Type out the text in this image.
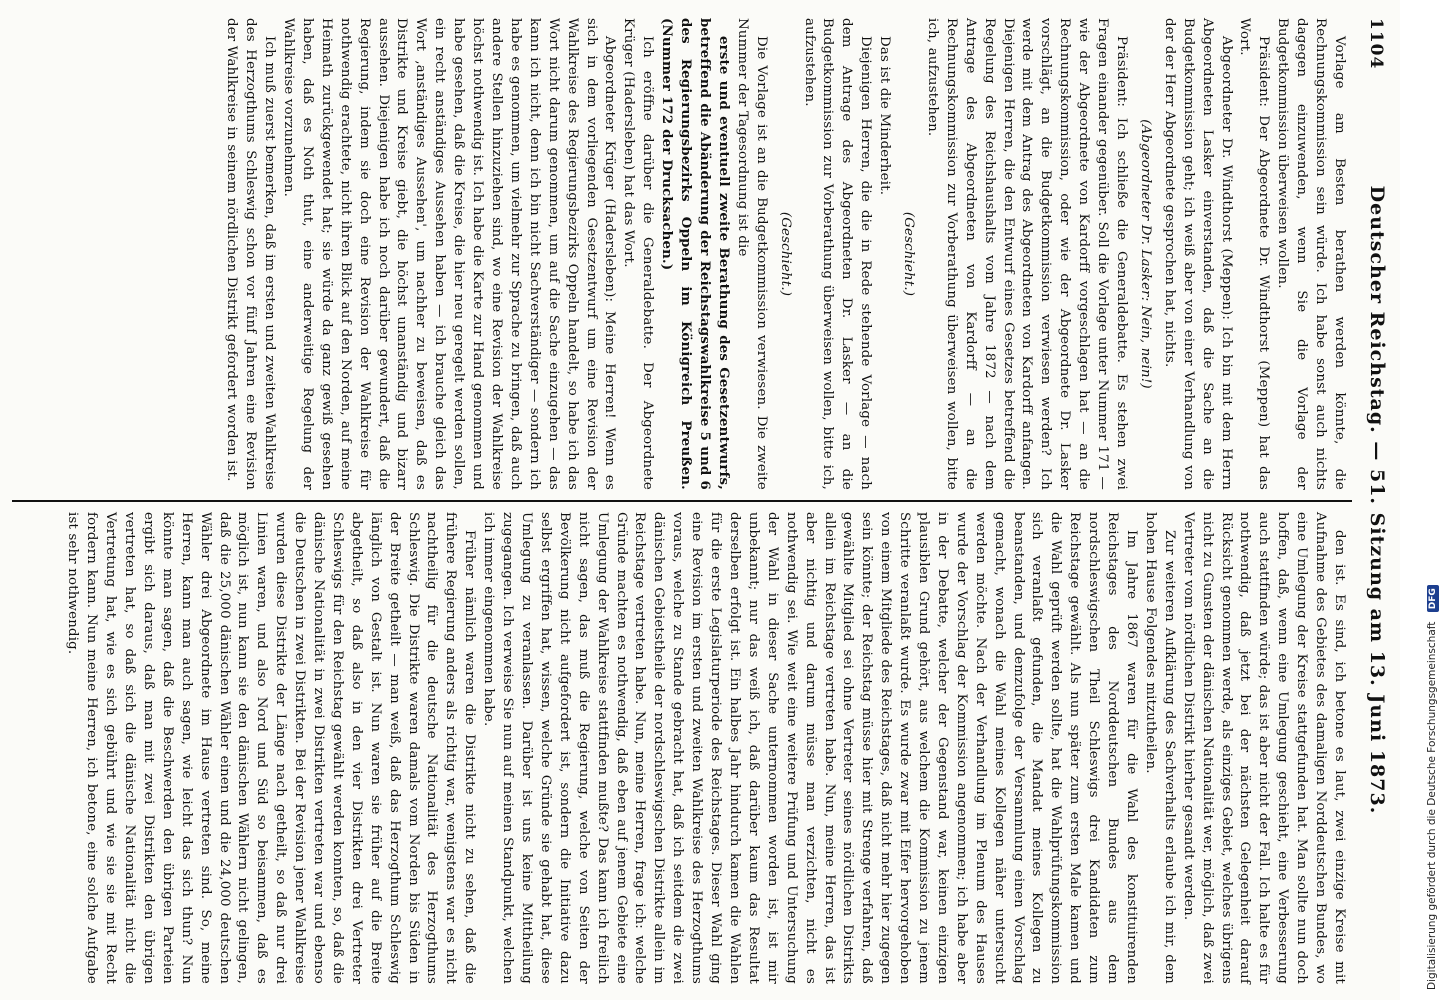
1104
Deutscher Reichstag. — 51. Sitzung am 13. Juni 1873.

Vorlage am Besten berathen werden könnte, die Rechnungskommission sein würde. Ich habe sonst auch nichts dagegen einzuwenden, wenn Sie die Vorlage der Budgetkommission überweisen wollen.

Präsident: Der Abgeordnete Dr. Windthorst (Meppen) hat das Wort.

Abgeordneter Dr. Windthorst (Meppen): Ich bin mit dem Herrn Abgeordneten Lasker einverstanden, daß die Sache an die Budgetkommission geht; ich weiß aber von einer Verhandlung von der der Herr Abgeordnete gesprochen hat, nichts.

(Abgeordneter Dr. Lasker: Nein, nein!)

Präsident: Ich schließe die Generaldebatte. Es stehen zwei Fragen einander gegenüber. Soll die Vorlage unter Nummer 171 — wie der Abgeordnete von Kardorff vorgeschlagen hat — an die Rechnungskommission, oder wie der Abgeordnete Dr. Lasker vorschlägt, an die Budgetkommission verwiesen werden? Ich werde mit dem Antrag des Abgeordneten von Kardorff anfangen. Diejenigen Herren, die den Entwurf eines Gesetzes betreffend die Regelung des Reichshaushalts vom Jahre 1872 — nach dem Antrage des Abgeordneten von Kardorff — an die Rechnungskommission zur Vorberathung überweisen wollen, bitte ich, aufzustehen.

(Geschieht.)

Das ist die Minderheit.

Diejenigen Herren, die die in Rede stehende Vorlage — nach dem Antrage des Abgeordneten Dr. Lasker — an die Budgetkommission zur Vorberathung überweisen wollen, bitte ich, aufzustehen.

(Geschieht.)

Die Vorlage ist an die Budgetkommission verwiesen. Die zweite Nummer der Tagesordnung ist die

erste und eventuell zweite Berathung des Gesetzentwurfs, betreffend die Abänderung der Reichstagswahlkreise 5 und 6 des Regierungsbezirks Oppeln im Königreich Preußen. (Nummer 172 der Drucksachen.)

Ich eröffne darüber die Generaldebatte. Der Abgeordnete Krüger (Hadersleben) hat das Wort.

Abgeordneter Krüger (Hadersleben): Meine Herren! Wenn es sich in dem vorliegenden Gesetzentwurf um eine Revision der Wahlkreise des Regierungsbezirks Oppeln handelt, so habe ich das Wort nicht darum genommen, um auf die Sache einzugehen — das kann ich nicht, denn ich bin nicht Sachverständiger — sondern ich habe es genommen, um vielmehr zur Sprache zu bringen, daß auch andere Stellen hinzuziehen sind, wo eine Revision der Wahlkreise höchst nothwendig ist. Ich habe die Karte zur Hand genommen und habe gesehen, daß die Kreise, die hier neu geregelt werden sollen, ein recht anständiges Aussehen haben — ich brauche gleich das Wort ‚anständiges Aussehen', um nachher zu beweisen, daß es Distrikte und Kreise giebt, die höchst unanständig und bizarr aussehen. Diejenigen habe ich noch darüber gewundert, daß die Regierung, indem sie doch eine Revision der Wahlkreise für nothwendig erachtete, nicht ihren Blick auf den Norden, auf meine Heimath zurückgewendet hat; sie würde da ganz gewiß gesehen haben, daß es Noth thut, eine anderweitige Regelung der Wahlkreise vorzunehmen.

Ich muß zuerst bemerken, daß im ersten und zweiten Wahlkreise des Herzogthums Schleswig schon vor fünf Jahren eine Revision der Wahlkreise in seinem nördlichen Distrikt gefordert worden ist.

den ist. Es sind, ich betone es laut, zwei einzige Kreise mit Aufnahme des Gebietes des damaligen Norddeutschen Bundes, wo eine Umlegung der Kreise stattgefunden hat. Man sollte nun doch hoffen, daß, wenn eine Umlegung geschieht, eine Verbesserung auch stattfinden würde; das ist aber nicht der Fall. Ich halte es für nothwendig, daß jetzt bei der nächsten Gelegenheit darauf Rücksicht genommen werde, als einziges Gebiet, welches übrigens nicht zu Gunsten der dänischen Nationalität wer, möglich, daß zwei Vertreter vom nördlichen Distrikt hierher gesandt werden.

Zur weiteren Aufklärung des Sachverhalts erlaube ich mir, dem hohen Hause Folgendes mitzutheilen.

Im Jahre 1867 waren für die Wahl des konstituirenden Reichstages des Norddeutschen Bundes aus dem nordschleswigschen Theil Schleswigs drei Kandidaten zum Reichstage gewählt. Als nun später zum ersten Male kamen und die Wahl geprüft werden sollte, hat die Wahlprüfungskommission sich veranlaßt gefunden, die Mandat meines Kollegen zu beanstanden, und demzufolge der Versammlung einen Vorschlag gemacht, wonach die Wahl meines Kollegen näher untersucht werden möchte. Nach der Verhandlung im Plenum des Hauses wurde der Vorschlag der Kommission angenommen; ich habe aber in der Debatte, welcher der Gegenstand war, keinen einzigen plausiblen Grund gehört, aus welchem die Kommission zu jenem Schritte veranlaßt wurde. Es wurde zwar mit Eifer hervorgehoben von einem Mitgliede des Reichstages, daß nicht mehr hier zugegen sein könnte; der Reichstag müsse hier mit Strenge verfahren, daß gewählte Mitglied sei ohne Vertreter seines nördlichen Distrikts allein im Reichstage vertreten habe. Nun, meine Herren, das ist aber nichtig und darum müsse man verzichten, nicht es nothwendig sei. Wie weit eine weitere Prüfung und Untersuchung der Wahl in dieser Sache unternommen worden ist, ist mir unbekannt; nur das weiß ich, daß darüber kaum das Resultat derselben erfolgt ist. Ein halbes Jahr hindurch kamen die Wahlen für die erste Legislaturperiode des Reichstages. Dieser Wahl ging eine Revision im ersten und zweiten Wahlkreise des Herzogthums voraus, welche zu Stande gebracht hat, daß ich seitdem die zwei dänischen Gebietstheile der nordschleswigschen Distrikte allein im Reichstage vertreten habe. Nun, meine Herren, frage ich: welche Gründe machten es nothwendig, daß eben auf jenem Gebiete eine Umlegung der Wahlkreise stattfinden mußte? Das kann ich freilich nicht sagen, das muß die Regierung, welche von Seiten der Bevölkerung nicht aufgefordert ist, sondern die Initiative dazu selbst ergriffen hat, wissen, welche Gründe sie gehabt hat, diese Umlegung zu veranlassen. Darüber ist uns keine Mittheilung zugegangen. Ich verweise Sie nun auf meinen Standpunkt, welchen ich immer eingenommen habe.

Früher nämlich waren die Distrikte nicht zu sehen, daß die frühere Regierung anders als richtig war, wenigstens war es nicht nachtheilig für die deutsche Nationalität des Herzogthums Schleswig. Die Distrikte waren damals vom Norden bis Süden in der Breite getheilt — man weiß, daß das Herzogthum Schleswig länglich von Gestalt ist. Nun waren sie früher auf die Breite abgetheilt, so daß also in den vier Distrikten drei Vertreter Schleswigs für den Reichstag gewählt werden konnten, so, daß die dänische Nationalität in zwei Distrikten vertreten war und ebenso die Deutschen in zwei Distrikten. Bei der Revision jener Wahlkreise wurden diese Distrikte der Länge nach getheilt, so daß nur drei Linien waren, und also Nord und Süd so beisammen, daß es möglich ist, nun kann sie den dänischen Wählern nicht gelingen, daß die 25,000 dänischen Wähler einen und die 24,000 deutschen Wähler drei Abgeordnete im Hause vertreten sind. So, meine Herren, kann man auch sagen, wie leicht das sich thun? Nun könnte man sagen, daß die Beschwerden den übrigen Parteien ergibt sich daraus, daß man mit zwei Distrikten den übrigen vertreten hat, so daß sich die dänische Nationalität nicht die Vertretung hat, wie es sich gebührt und wie sie sie mit Recht fordern kann. Nun meine Herren, ich betone, eine solche Aufgabe ist sehr nothwendig.

Digitalisierung gefördert durch die Deutsche Forschungsgemeinschaft DFG
